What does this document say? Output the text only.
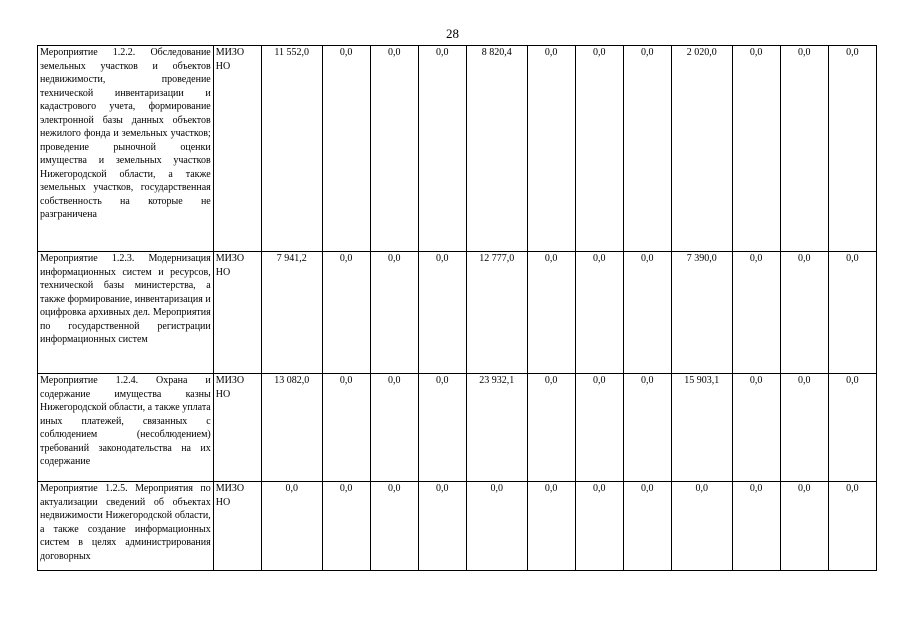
28
Мероприятие 1.2.2. Обследование земельных участков и объектов недвижимости, проведение технической инвентаризации и кадастрового учета, формирование электронной базы данных объектов нежилого фонда и земельных участков; проведение рыночной оценки имущества и земельных участков Нижегородской области, а также земельных участков, государственная собственность на которые не разграничена	МИЗО НО	11 552,0	0,0	0,0	0,0	8 820,4	0,0	0,0	0,0	2 020,0	0,0	0,0	0,0
Мероприятие 1.2.3. Модернизация информационных систем и ресурсов, технической базы министерства, а также формирование, инвентаризация и оцифровка архивных дел. Мероприятия по государственной регистрации информационных систем	МИЗО НО	7 941,2	0,0	0,0	0,0	12 777,0	0,0	0,0	0,0	7 390,0	0,0	0,0	0,0
Мероприятие 1.2.4. Охрана и содержание имущества казны Нижегородской области, а также уплата иных платежей, связанных с соблюдением (несоблюдением) требований законодательства на их содержание	МИЗО НО	13 082,0	0,0	0,0	0,0	23 932,1	0,0	0,0	0,0	15 903,1	0,0	0,0	0,0
Мероприятие 1.2.5. Мероприятия по актуализации сведений об объектах недвижимости Нижегородской области, а также создание информационных систем в целях администрирования договорных	МИЗО НО	0,0	0,0	0,0	0,0	0,0	0,0	0,0	0,0	0,0	0,0	0,0	0,0
